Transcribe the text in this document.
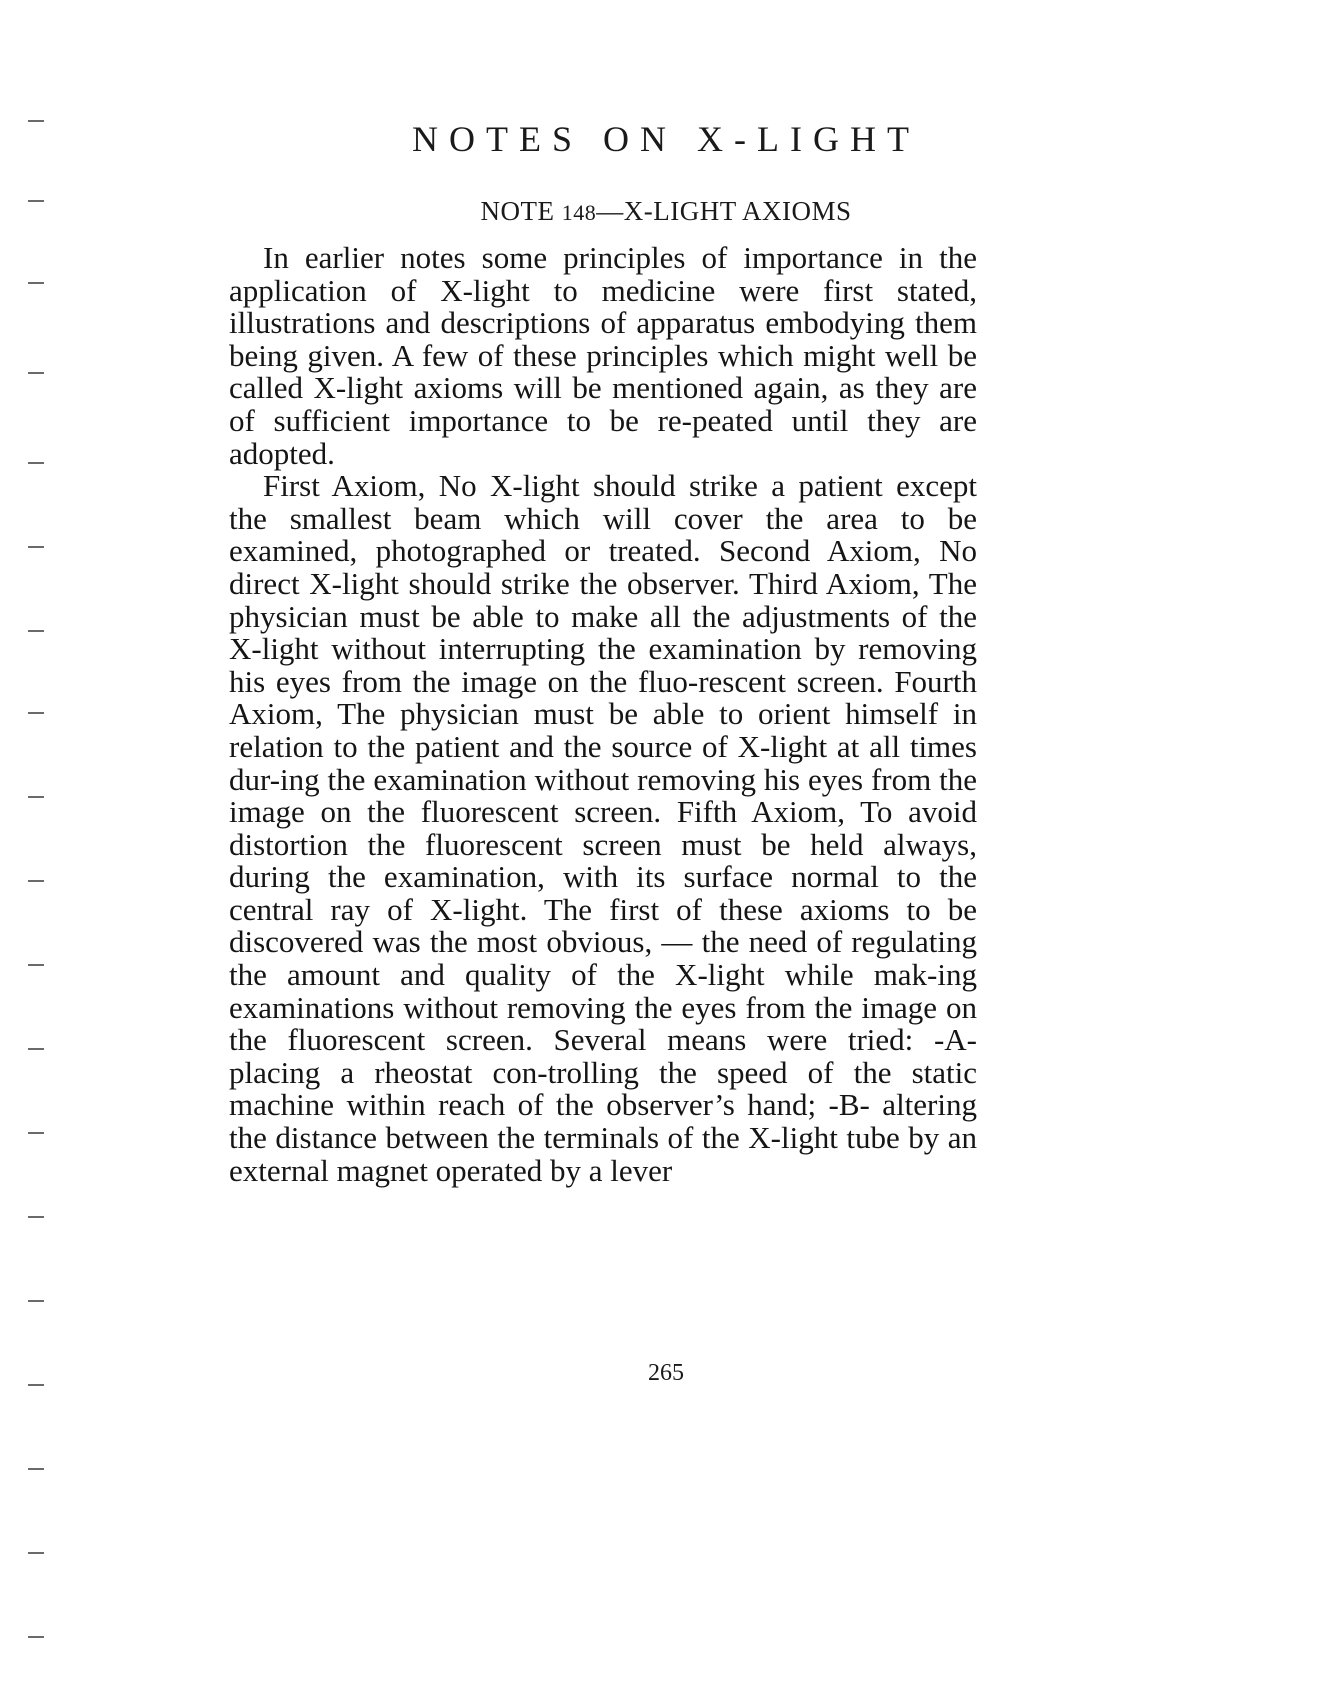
NOTES ON X-LIGHT
NOTE 148—X-LIGHT AXIOMS

In earlier notes some principles of importance in the application of X-light to medicine were first stated, illustrations and descriptions of apparatus embodying them being given. A few of these principles which might well be called X-light axioms will be mentioned again, as they are of sufficient importance to be re-peated until they are adopted.

First Axiom, No X-light should strike a patient except the smallest beam which will cover the area to be examined, photographed or treated. Second Axiom, No direct X-light should strike the observer. Third Axiom, The physician must be able to make all the adjustments of the X-light without interrupting the examination by removing his eyes from the image on the fluo-rescent screen. Fourth Axiom, The physician must be able to orient himself in relation to the patient and the source of X-light at all times dur-ing the examination without removing his eyes from the image on the fluorescent screen. Fifth Axiom, To avoid distortion the fluorescent screen must be held always, during the examination, with its surface normal to the central ray of X-light. The first of these axioms to be discovered was the most obvious, — the need of regulating the amount and quality of the X-light while mak-ing examinations without removing the eyes from the image on the fluorescent screen. Several means were tried: -A- placing a rheostat con-trolling the speed of the static machine within reach of the observer’s hand; -B- altering the distance between the terminals of the X-light tube by an external magnet operated by a lever

265
